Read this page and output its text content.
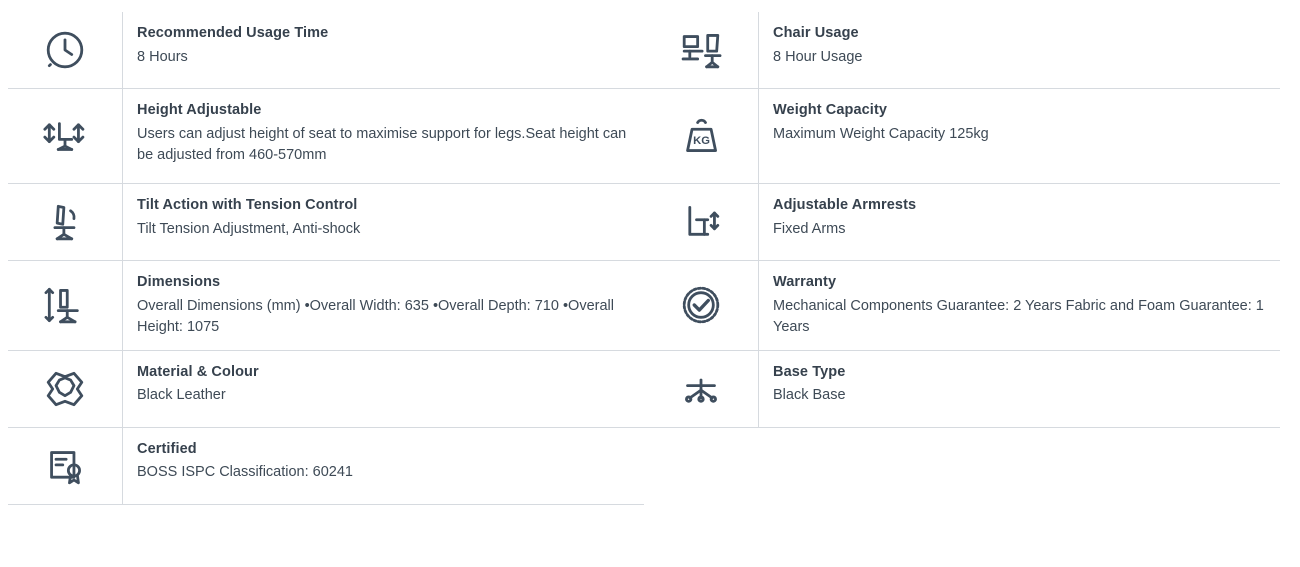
Recommended Usage Time
8 Hours

Chair Usage
8 Hour Usage

Height Adjustable
Users can adjust height of seat to maximise support for legs.Seat height can be adjusted from 460-570mm

KG
Weight Capacity
Maximum Weight Capacity 125kg

Tilt Action with Tension Control
Tilt Tension Adjustment, Anti-shock

Adjustable Armrests
Fixed Arms

Dimensions
Overall Dimensions (mm) •Overall Width: 635 •Overall Depth: 710 •Overall Height: 1075

Warranty
Mechanical Components Guarantee: 2 Years Fabric and Foam Guarantee: 1 Years

Material & Colour
Black Leather

Base Type
Black Base

Certified
BOSS ISPC Classification: 60241	
